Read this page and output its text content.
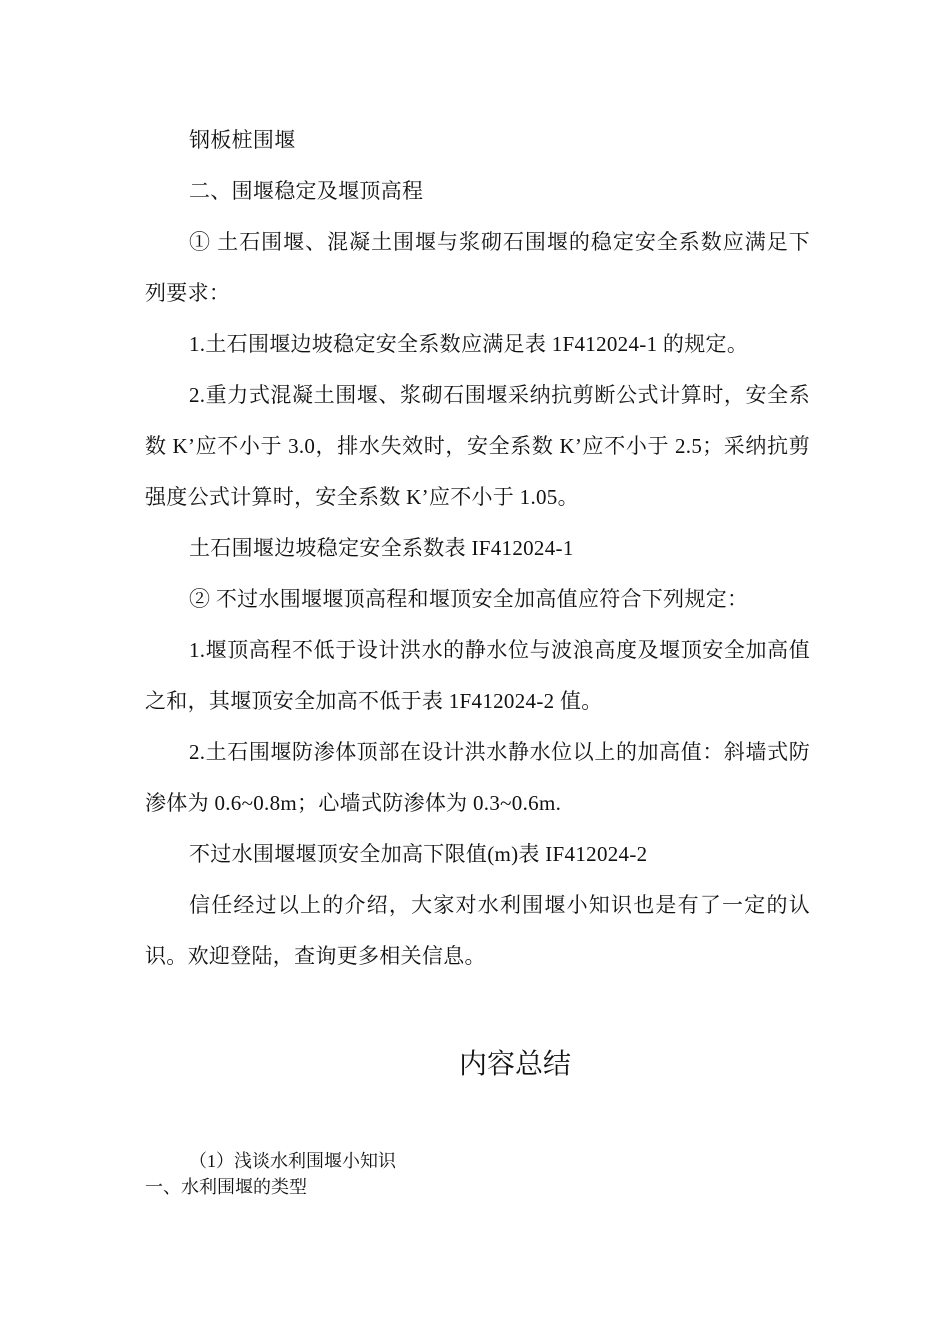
钢板桩围堰

二、围堰稳定及堰顶高程

① 土石围堰、混凝土围堰与浆砌石围堰的稳定安全系数应满足下列要求：

1.土石围堰边坡稳定安全系数应满足表 1F412024-1 的规定。

2.重力式混凝土围堰、浆砌石围堰采纳抗剪断公式计算时，安全系数 K’应不小于 3.0，排水失效时，安全系数 K’应不小于 2.5；采纳抗剪强度公式计算时，安全系数 K’应不小于 1.05。

土石围堰边坡稳定安全系数表 IF412024-1

② 不过水围堰堰顶高程和堰顶安全加高值应符合下列规定：

1.堰顶高程不低于设计洪水的静水位与波浪高度及堰顶安全加高值之和，其堰顶安全加高不低于表 1F412024-2 值。

2.土石围堰防渗体顶部在设计洪水静水位以上的加高值：斜墙式防渗体为 0.6~0.8m；心墙式防渗体为 0.3~0.6m.

不过水围堰堰顶安全加高下限值(m)表 IF412024-2

信任经过以上的介绍，大家对水利围堰小知识也是有了一定的认识。欢迎登陆，查询更多相关信息。

内容总结

（1）浅谈水利围堰小知识

一、水利围堰的类型
